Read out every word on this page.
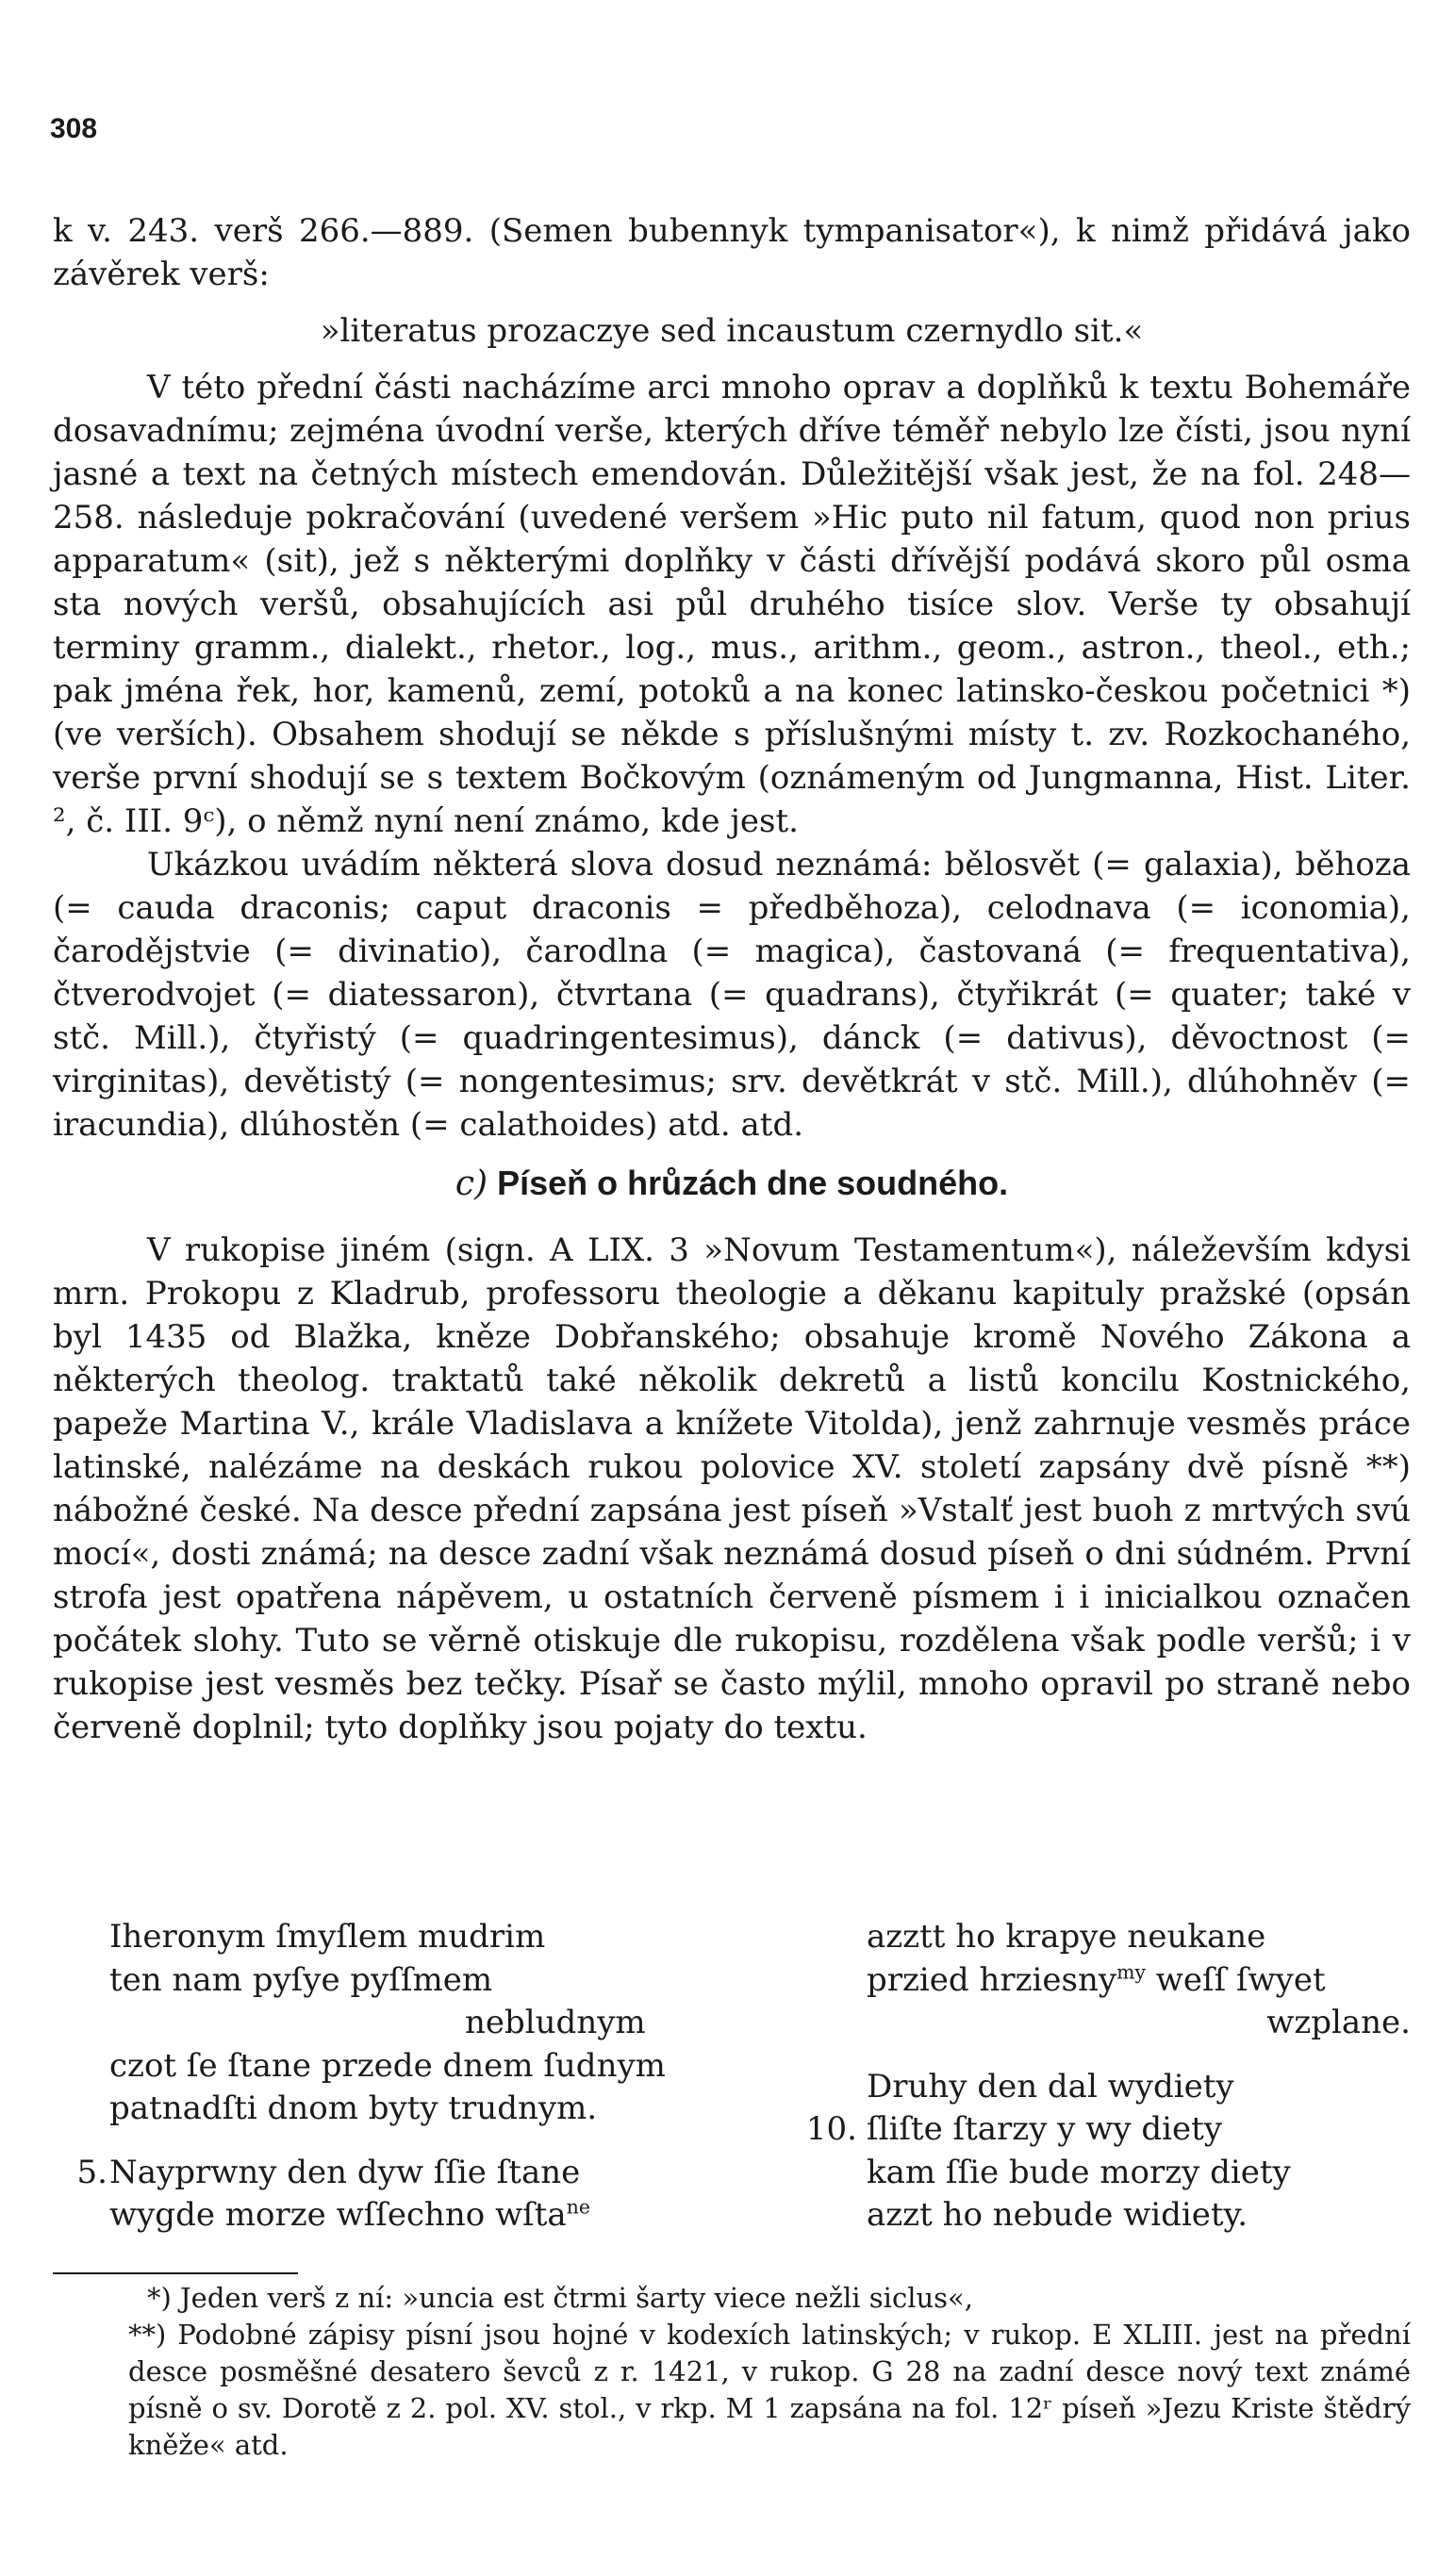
308

k v. 243. verš 266.—889. (Semen bubennyk tympanisator«), k nimž přidává jako závěrek verš:

»literatus prozaczye sed incaustum czernydlo sit.«

V této přední části nacházíme arci mnoho oprav a doplňků k textu Bohemáře dosavadnímu; zejména úvodní verše, kterých dříve téměř nebylo lze čísti, jsou nyní jasné a text na četných místech emendován. Důležitější však jest, že na fol. 248—258. následuje pokračování (uvedené veršem »Hic puto nil fatum, quod non prius apparatum« (sit), jež s některými doplňky v části dřívější podává skoro půl osma sta nových veršů, obsahujících asi půl druhého tisíce slov. Verše ty obsahují terminy gramm., dialekt., rhetor., log., mus., arithm., geom., astron., theol., eth.; pak jména řek, hor, kamenů, zemí, potoků a na konec latinsko-českou početnici *) (ve verších). Obsahem shodují se někde s příslušnými místy t. zv. Rozkochaného, verše první shodují se s textem Bočkovým (oznámeným od Jungmanna, Hist. Liter. ², č. III. 9ᶜ), o němž nyní není známo, kde jest.

Ukázkou uvádím některá slova dosud neznámá: bělosvět (= galaxia), běhoza (= cauda draconis; caput draconis = předběhoza), celodnava (= iconomia), čarodějstvie (= divinatio), čarodlna (= magica), častovaná (= frequentativa), čtverodvojet (= diatessaron), čtvrtana (= quadrans), čtyřikrát (= quater; také v stč. Mill.), čtyřistý (= quadringentesimus), dánck (= dativus), děvoctnost (= virginitas), devětistý (= nongentesimus; srv. devětkrát v stč. Mill.), dlúhohněv (= iracundia), dlúhostěn (= calathoides) atd. atd.

c) Píseň o hrůzách dne soudného.

V rukopise jiném (sign. A LIX. 3 »Novum Testamentum«), náleževším kdysi mrn. Prokopu z Kladrub, professoru theologie a děkanu kapituly pražské (opsán byl 1435 od Blažka, kněze Dobřanského; obsahuje kromě Nového Zákona a některých theolog. traktatů také několik dekretů a listů koncilu Kostnického, papeže Martina V., krále Vladislava a knížete Vitolda), jenž zahrnuje vesměs práce latinské, nalézáme na deskách rukou polovice XV. století zapsány dvě písně **) nábožné české. Na desce přední zapsána jest píseň »Vstalť jest buoh z mrtvých svú mocí«, dosti známá; na desce zadní však neznámá dosud píseň o dni súdném. První strofa jest opatřena nápěvem, u ostatních červeně písmem i i inicialkou označen počátek slohy. Tuto se věrně otiskuje dle rukopisu, rozdělena však podle veršů; i v rukopise jest vesměs bez tečky. Písař se často mýlil, mnoho opravil po straně nebo červeně doplnil; tyto doplňky jsou pojaty do textu.

Iheronym ſmyſlem mudrim
ten nam pyſye pyſſmem
nebludnym
czot ſe ſtane przede dnem ſudnym
patnadſti dnom byty trudnym.
5. Nayprwny den dyw ſſie ſtane
wygde morze wſſechno wſta$^{ne}$
azztt ho krapye neukane
przied hrziesny$^{my}$ weſſ ſwyet
wzplane.
Druhy den dal wydiety
10. ſliſte ſtarzy y wy diety
kam ſſie bude morzy diety
azzt ho nebude widiety.

*) Jeden verš z ní: »uncia est čtrmi šarty viece nežli siclus«,

**) Podobné zápisy písní jsou hojné v kodexích latinských; v rukop. E XLIII. jest na přední desce posměšné desatero ševců z r. 1421, v rukop. G 28 na zadní desce nový text známé písně o sv. Dorotě z 2. pol. XV. stol., v rkp. M 1 zapsána na fol. 12ʳ píseň »Jezu Kriste štědrý kněže« atd.
